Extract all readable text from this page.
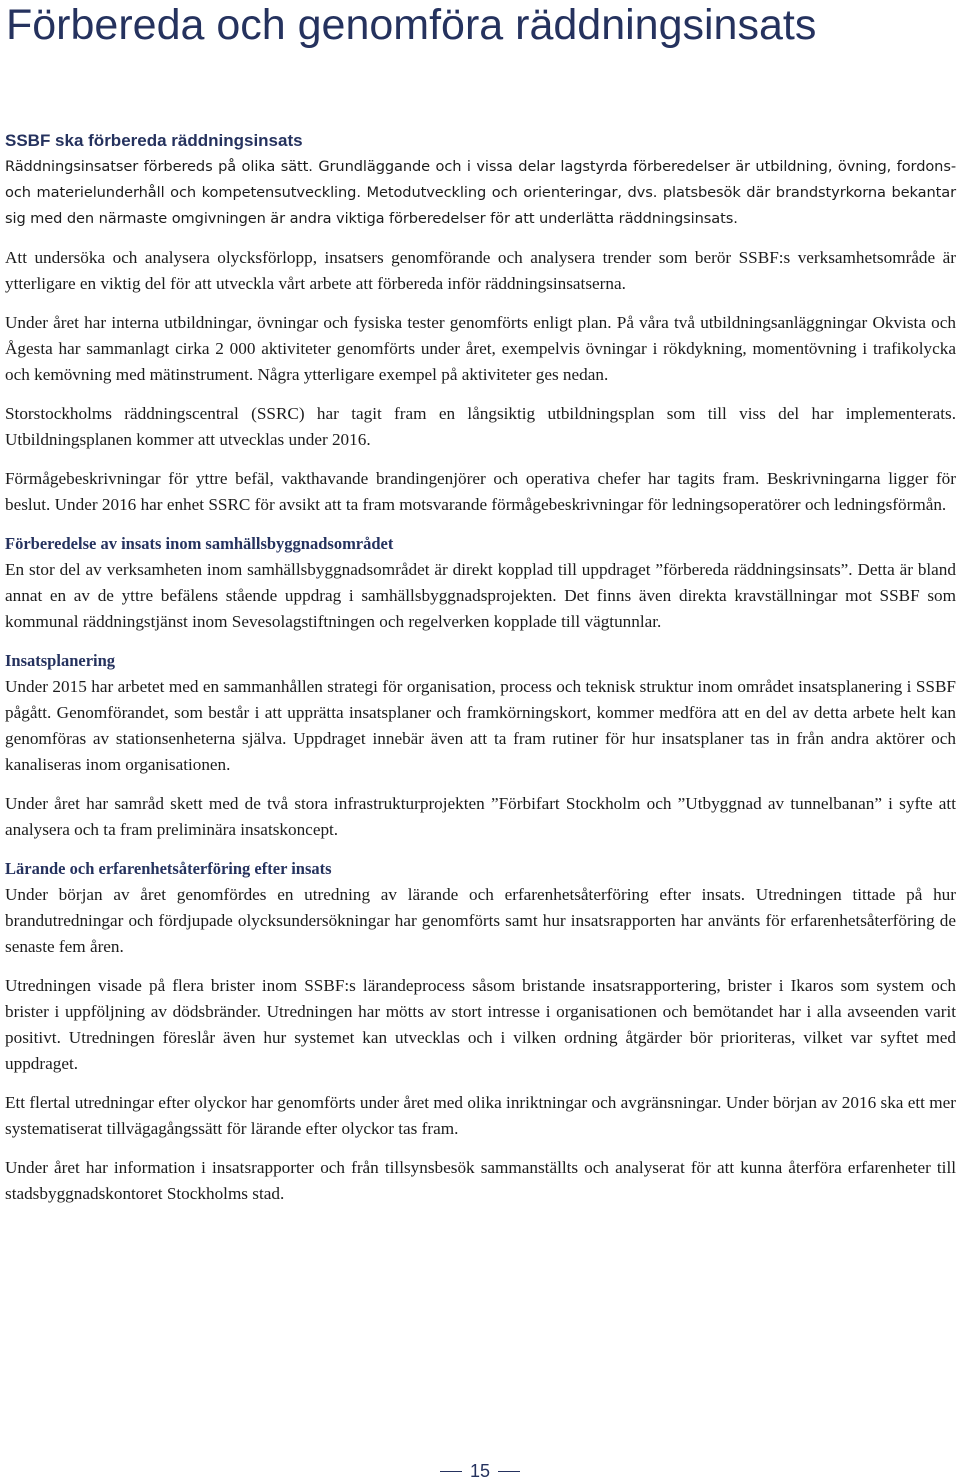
Förbereda och genomföra räddningsinsats
SSBF ska förbereda räddningsinsats

Räddningsinsatser förbereds på olika sätt. Grundläggande och i vissa delar lagstyrda förberedelser är utbildning, övning, fordons- och materielunderhåll och kompetensutveckling. Metodutveckling och orienteringar, dvs. platsbesök där brandstyrkorna bekantar sig med den närmaste omgivningen är andra viktiga förberedelser för att underlätta räddningsinsats.

Att undersöka och analysera olycksförlopp, insatsers genomförande och analysera trender som berör SSBF:s verksamhetsområde är ytterligare en viktig del för att utveckla vårt arbete att förbereda inför räddningsinsatserna.

Under året har interna utbildningar, övningar och fysiska tester genomförts enligt plan. På våra två utbildningsanläggningar Okvista och Ågesta har sammanlagt cirka 2 000 aktiviteter genomförts under året, exempelvis övningar i rökdykning, momentövning i trafikolycka och kemövning med mätinstrument. Några ytterligare exempel på aktiviteter ges nedan.

Storstockholms räddningscentral (SSRC) har tagit fram en långsiktig utbildningsplan som till viss del har implementerats. Utbildningsplanen kommer att utvecklas under 2016.

Förmågebeskrivningar för yttre befäl, vakthavande brandingenjörer och operativa chefer har tagits fram. Beskrivningarna ligger för beslut. Under 2016 har enhet SSRC för avsikt att ta fram motsvarande förmågebeskrivningar för ledningsoperatörer och ledningsförmån.

Förberedelse av insats inom samhällsbyggnadsområdet

En stor del av verksamheten inom samhällsbyggnadsområdet är direkt kopplad till uppdraget ”förbereda räddningsinsats”. Detta är bland annat en av de yttre befälens stående uppdrag i samhällsbyggnadsprojekten. Det finns även direkta kravställningar mot SSBF som kommunal räddningstjänst inom Sevesolagstiftningen och regelverken kopplade till vägtunnlar.

Insatsplanering

Under 2015 har arbetet med en sammanhållen strategi för organisation, process och teknisk struktur inom området insatsplanering i SSBF pågått. Genomförandet, som består i att upprätta insatsplaner och framkörningskort, kommer medföra att en del av detta arbete helt kan genomföras av stationsenheterna själva. Uppdraget innebär även att ta fram rutiner för hur insatsplaner tas in från andra aktörer och kanaliseras inom organisationen.

Under året har samråd skett med de två stora infrastrukturprojekten ”Förbifart Stockholm och ”Utbyggnad av tunnelbanan” i syfte att analysera och ta fram preliminära insatskoncept.

Lärande och erfarenhetsåterföring efter insats

Under början av året genomfördes en utredning av lärande och erfarenhetsåterföring efter insats. Utredningen tittade på hur brandutredningar och fördjupade olycksundersökningar har genomförts samt hur insatsrapporten har använts för erfarenhetsåterföring de senaste fem åren.

Utredningen visade på flera brister inom SSBF:s lärandeprocess såsom bristande insatsrapportering, brister i Ikaros som system och brister i uppföljning av dödsbränder. Utredningen har mötts av stort intresse i organisationen och bemötandet har i alla avseenden varit positivt. Utredningen föreslår även hur systemet kan utvecklas och i vilken ordning åtgärder bör prioriteras, vilket var syftet med uppdraget.

Ett flertal utredningar efter olyckor har genomförts under året med olika inriktningar och avgränsningar. Under början av 2016 ska ett mer systematiserat tillvägagångssätt för lärande efter olyckor tas fram.

Under året har information i insatsrapporter och från tillsynsbesök sammanställts och analyserat för att kunna återföra erfarenheter till stadsbyggnadskontoret Stockholms stad.

15
